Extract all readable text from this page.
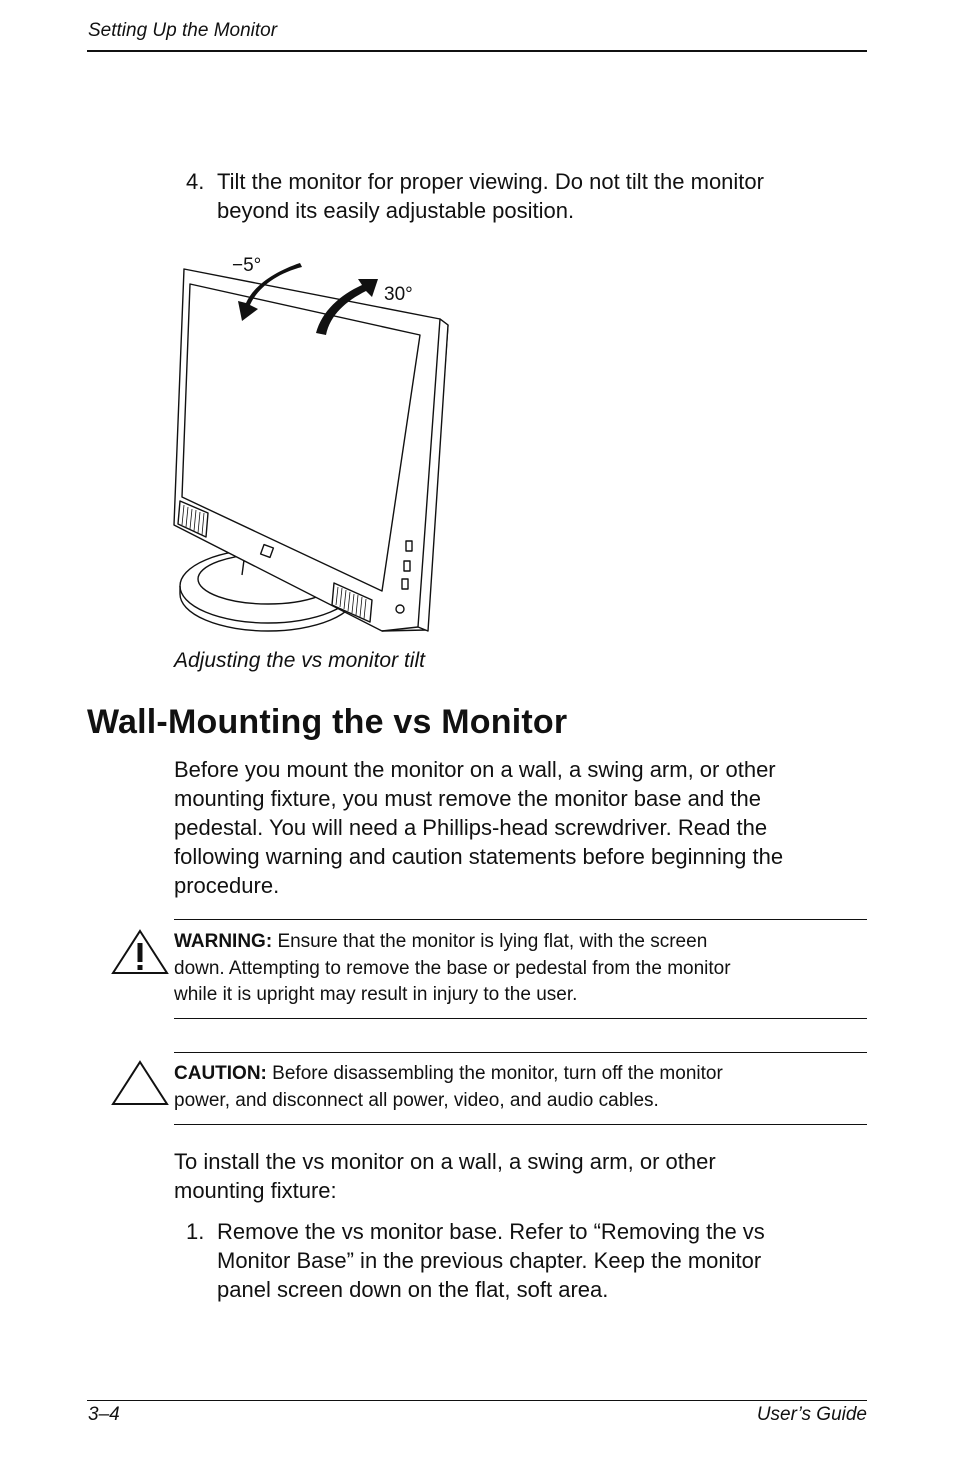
Setting Up the Monitor
4. Tilt the monitor for proper viewing. Do not tilt the monitor
beyond its easily adjustable position.
−5°
30°
Adjusting the vs monitor tilt
Wall-Mounting the vs Monitor
Before you mount the monitor on a wall, a swing arm, or other
mounting fixture, you must remove the monitor base and the
pedestal. You will need a Phillips-head screwdriver. Read the
following warning and caution statements before beginning the
procedure.
WARNING: Ensure that the monitor is lying flat, with the screen
down. Attempting to remove the base or pedestal from the monitor
while it is upright may result in injury to the user.
CAUTION: Before disassembling the monitor, turn off the monitor
power, and disconnect all power, video, and audio cables.
To install the vs monitor on a wall, a swing arm, or other
mounting fixture:
1. Remove the vs monitor base. Refer to “Removing the vs
Monitor Base” in the previous chapter. Keep the monitor
panel screen down on the flat, soft area.
3–4	User’s Guide
